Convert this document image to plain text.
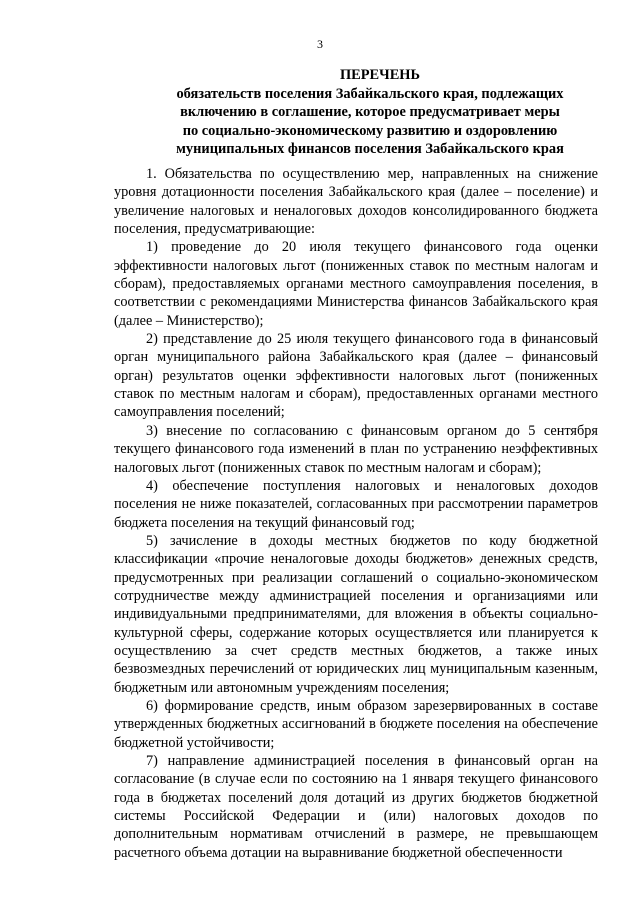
3
ПЕРЕЧЕНЬ
обязательств поселения Забайкальского края, подлежащих
включению в соглашение, которое предусматривает меры
по социально-экономическому развитию и оздоровлению
муниципальных финансов поселения Забайкальского края

1. Обязательства по осуществлению мер, направленных на снижение уровня дотационности поселения Забайкальского края (далее – поселение) и увеличение налоговых и неналоговых доходов консолидированного бюджета поселения, предусматривающие:

1) проведение до 20 июля текущего финансового года оценки эффективности налоговых льгот (пониженных ставок по местным налогам и сборам), предоставляемых органами местного самоуправления поселения, в соответствии с рекомендациями Министерства финансов Забайкальского края (далее – Министерство);

2) представление до 25 июля текущего финансового года в финансовый орган муниципального района Забайкальского края (далее – финансовый орган) результатов оценки эффективности налоговых льгот (пониженных ставок по местным налогам и сборам), предоставленных органами местного самоуправления поселений;

3) внесение по согласованию с финансовым органом до 5 сентября текущего финансового года изменений в план по устранению неэффективных налоговых льгот (пониженных ставок по местным налогам и сборам);

4) обеспечение поступления налоговых и неналоговых доходов поселения не ниже показателей, согласованных при рассмотрении параметров бюджета поселения на текущий финансовый год;

5) зачисление в доходы местных бюджетов по коду бюджетной классификации «прочие неналоговые доходы бюджетов» денежных средств, предусмотренных при реализации соглашений о социально-экономическом сотрудничестве между администрацией поселения и организациями или индивидуальными предпринимателями, для вложения в объекты социально-культурной сферы, содержание которых осуществляется или планируется к осуществлению за счет средств местных бюджетов, а также иных безвозмездных перечислений от юридических лиц муниципальным казенным, бюджетным или автономным учреждениям поселения;

6) формирование средств, иным образом зарезервированных в составе утвержденных бюджетных ассигнований в бюджете поселения на обеспечение бюджетной устойчивости;

7) направление администрацией поселения в финансовый орган на согласование (в случае если по состоянию на 1 января текущего финансового года в бюджетах поселений доля дотаций из других бюджетов бюджетной системы Российской Федерации и (или) налоговых доходов по дополнительным нормативам отчислений в размере, не превышающем расчетного объема дотации на выравнивание бюджетной обеспеченности
